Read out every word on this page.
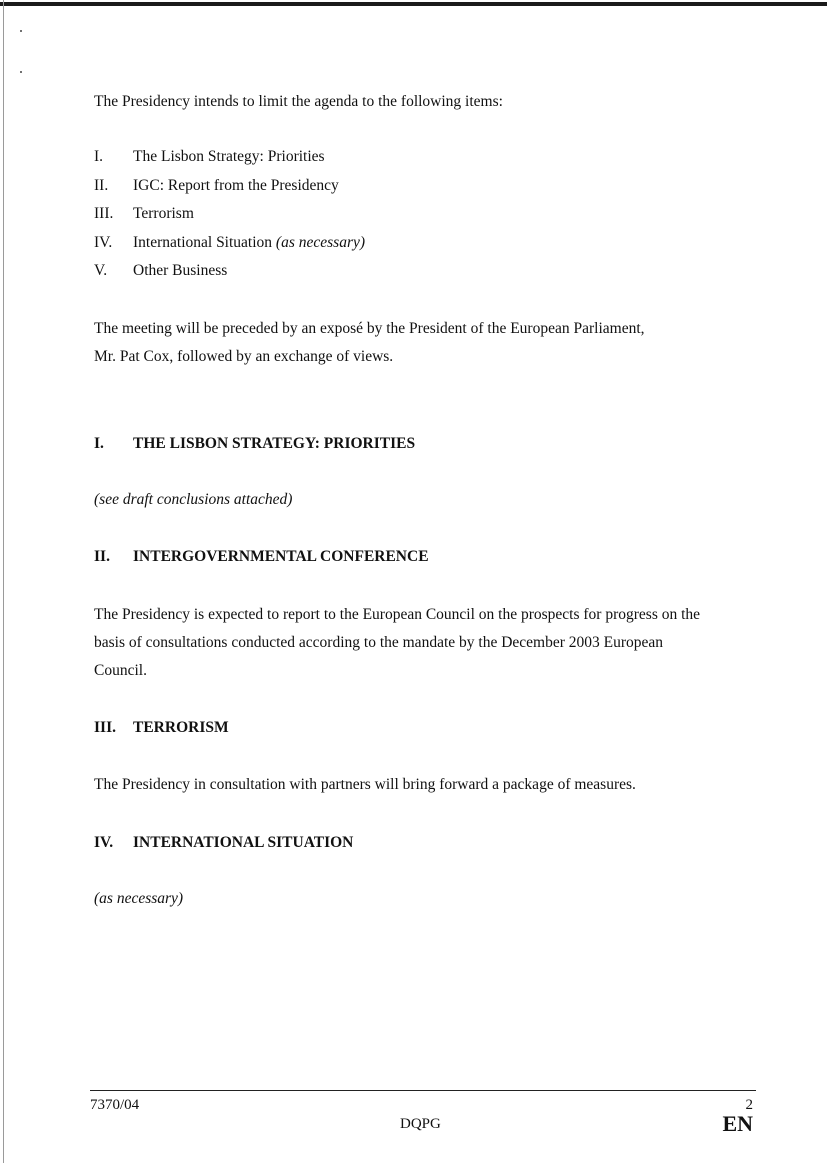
The Presidency intends to limit the agenda to the following items:
I. The Lisbon Strategy: Priorities
II. IGC: Report from the Presidency
III. Terrorism
IV. International Situation (as necessary)
V. Other Business
The meeting will be preceded by an exposé by the President of the European Parliament,
Mr. Pat Cox, followed by an exchange of views.
I. THE LISBON STRATEGY: PRIORITIES
(see draft conclusions attached)
II. INTERGOVERNMENTAL CONFERENCE
The Presidency is expected to report to the European Council on the prospects for progress on the
basis of consultations conducted according to the mandate by the December 2003 European
Council.
III. TERRORISM
The Presidency in consultation with partners will bring forward a package of measures.
IV. INTERNATIONAL SITUATION
(as necessary)
7370/04	2
DQPG	EN
